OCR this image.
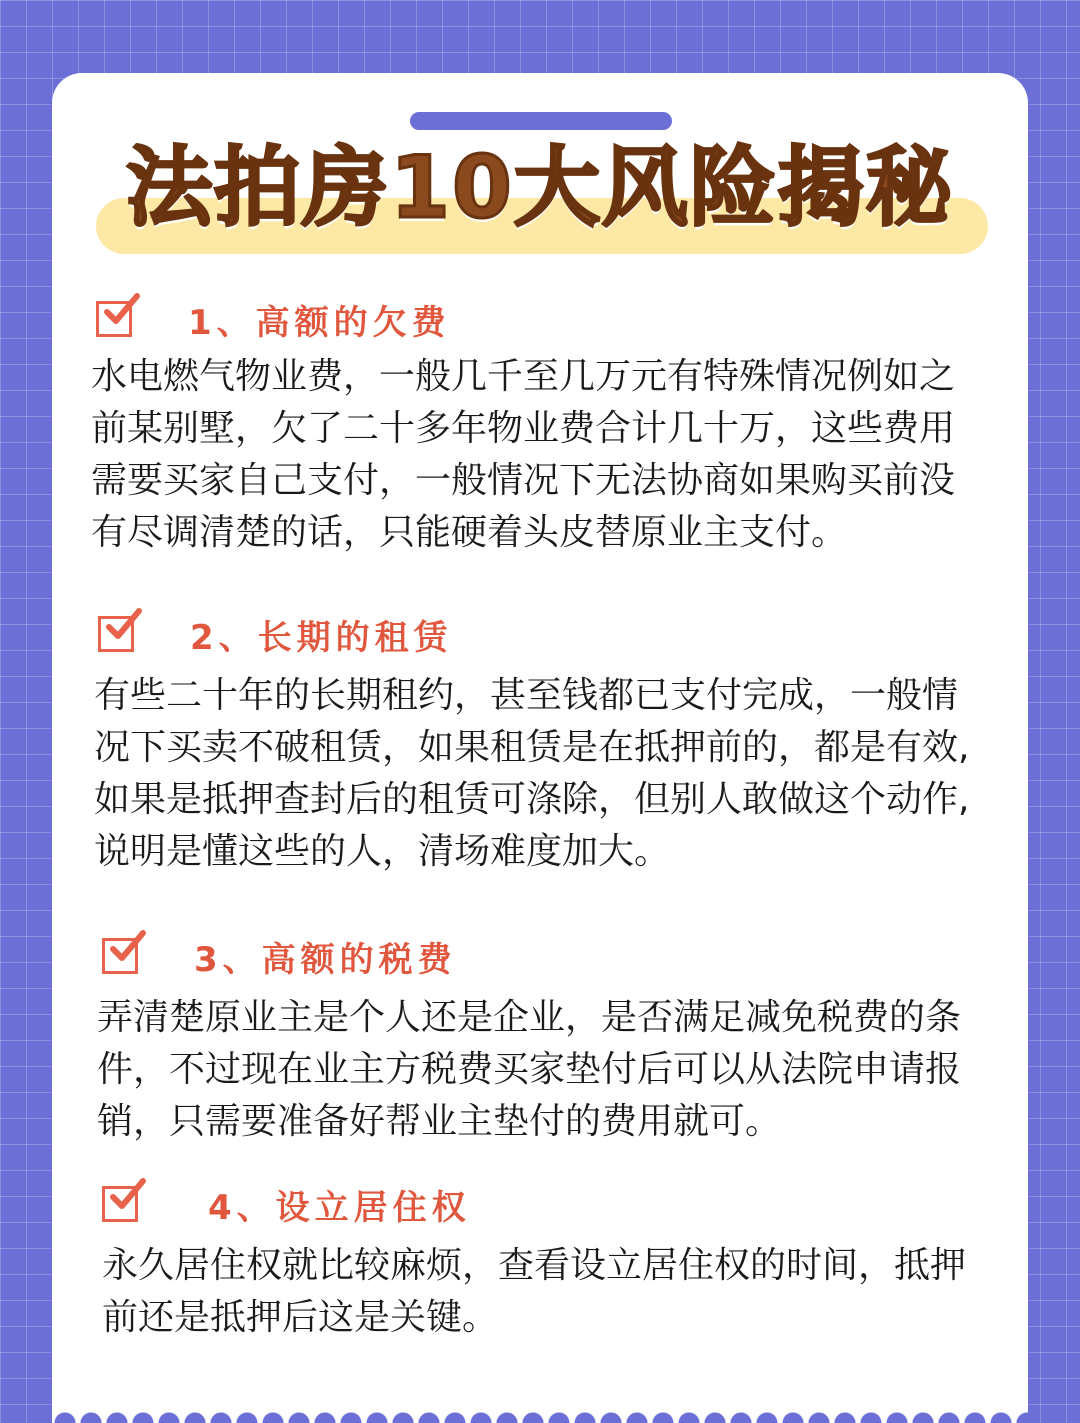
法拍房10大风险揭秘
1、高额的欠费
水电燃气物业费，一般几千至几万元有特殊情况例如之
前某别墅，欠了二十多年物业费合计几十万，这些费用
需要买家自己支付，一般情况下无法协商如果购买前没
有尽调清楚的话，只能硬着头皮替原业主支付。
2、长期的租赁
有些二十年的长期租约，甚至钱都已支付完成，一般情
况下买卖不破租赁，如果租赁是在抵押前的，都是有效,
如果是抵押查封后的租赁可涤除，但别人敢做这个动作,
说明是懂这些的人，清场难度加大。
3、高额的税费
弄清楚原业主是个人还是企业，是否满足减免税费的条
件，不过现在业主方税费买家垫付后可以从法院申请报
销，只需要准备好帮业主垫付的费用就可。
4、设立居住权
永久居住权就比较麻烦，查看设立居住权的时间，抵押
前还是抵押后这是关键。
